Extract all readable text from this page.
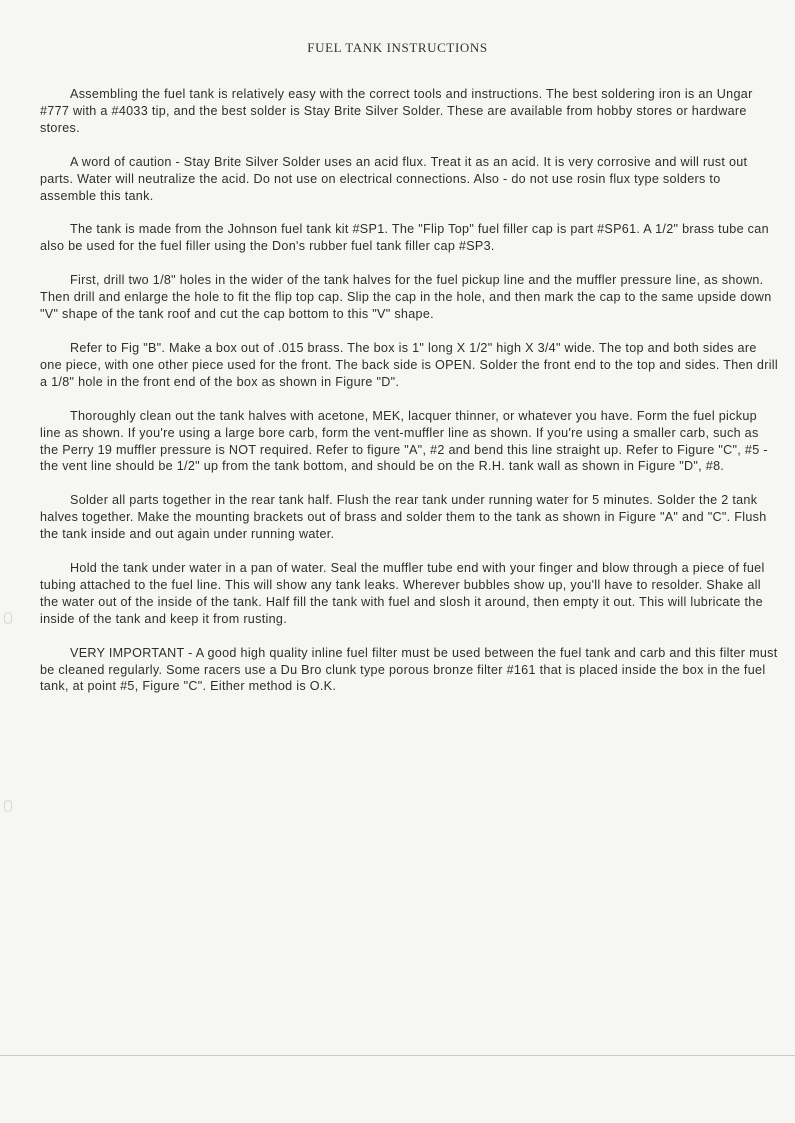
FUEL TANK INSTRUCTIONS

Assembling the fuel tank is relatively easy with the correct tools and instructions. The best soldering iron is an Ungar #777 with a #4033 tip, and the best solder is Stay Brite Silver Solder. These are available from hobby stores or hardware stores.

A word of caution - Stay Brite Silver Solder uses an acid flux. Treat it as an acid. It is very corrosive and will rust out parts. Water will neutralize the acid. Do not use on electrical connections. Also - do not use rosin flux type solders to assemble this tank.

The tank is made from the Johnson fuel tank kit #SP1. The "Flip Top" fuel filler cap is part #SP61. A 1/2" brass tube can also be used for the fuel filler using the Don's rubber fuel tank filler cap #SP3.

First, drill two 1/8" holes in the wider of the tank halves for the fuel pickup line and the muffler pressure line, as shown. Then drill and enlarge the hole to fit the flip top cap. Slip the cap in the hole, and then mark the cap to the same upside down "V" shape of the tank roof and cut the cap bottom to this "V" shape.

Refer to Fig "B". Make a box out of .015 brass. The box is 1" long X 1/2" high X 3/4" wide. The top and both sides are one piece, with one other piece used for the front. The back side is OPEN. Solder the front end to the top and sides. Then drill a 1/8" hole in the front end of the box as shown in Figure "D".

Thoroughly clean out the tank halves with acetone, MEK, lacquer thinner, or whatever you have. Form the fuel pickup line as shown. If you're using a large bore carb, form the vent-muffler line as shown. If you're using a smaller carb, such as the Perry 19 muffler pressure is NOT required. Refer to figure "A", #2 and bend this line straight up. Refer to Figure "C", #5 - the vent line should be 1/2" up from the tank bottom, and should be on the R.H. tank wall as shown in Figure "D", #8.

Solder all parts together in the rear tank half. Flush the rear tank under running water for 5 minutes. Solder the 2 tank halves together. Make the mounting brackets out of brass and solder them to the tank as shown in Figure "A" and "C". Flush the tank inside and out again under running water.

Hold the tank under water in a pan of water. Seal the muffler tube end with your finger and blow through a piece of fuel tubing attached to the fuel line. This will show any tank leaks. Wherever bubbles show up, you'll have to resolder. Shake all the water out of the inside of the tank. Half fill the tank with fuel and slosh it around, then empty it out. This will lubricate the inside of the tank and keep it from rusting.

VERY IMPORTANT - A good high quality inline fuel filter must be used between the fuel tank and carb and this filter must be cleaned regularly. Some racers use a Du Bro clunk type porous bronze filter #161 that is placed inside the box in the fuel tank, at point #5, Figure "C". Either method is O.K.
